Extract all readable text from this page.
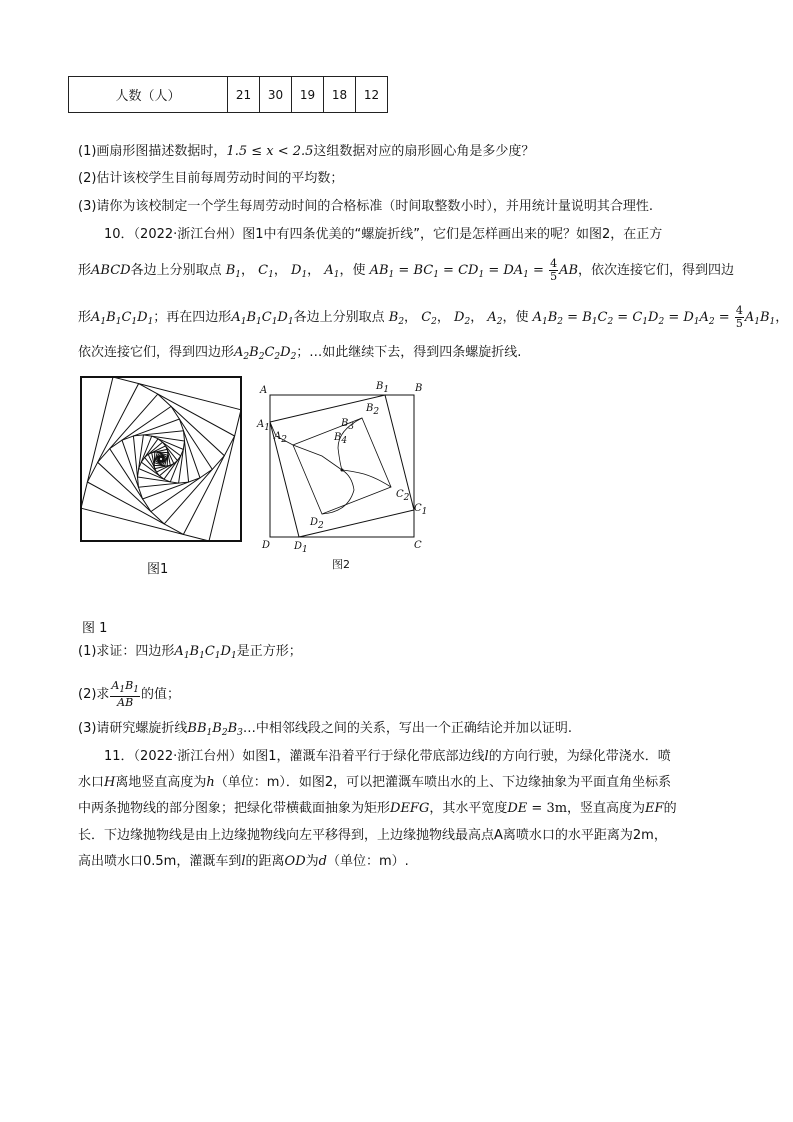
人数（人）	21	30	19	18	12
(1)画扇形图描述数据时，1.5 ≤ x < 2.5这组数据对应的扇形圆心角是多少度？
(2)估计该校学生目前每周劳动时间的平均数；
(3)请你为该校制定一个学生每周劳动时间的合格标准（时间取整数小时），并用统计量说明其合理性.
10．（2022·浙江台州）图1中有四条优美的“螺旋折线”，它们是怎样画出来的呢？如图2，在正方
形ABCD各边上分别取点 $B_1$， $C_1$， $D_1$， $A_1$，使 $AB_1 = BC_1 = CD_1 = DA_1 = \frac{4}{5}$ AB，依次连接它们，得到四边
形$A_1B_1C_1D_1$；再在四边形$A_1B_1C_1D_1$各边上分别取点 $B_2$， $C_2$， $D_2$， $A_2$，使 $A_1B_2 = B_1C_2 = C_1D_2 = D_1A_2 = \frac{4}{5} A_1B_1$，
依次连接它们，得到四边形$A_2B_2C_2D_2$；…如此继续下去，得到四条螺旋折线.
图1
A	$B_1$	B
$B_2$
$B_3$
$B_4$
$A_1$
$A_2$
$C_2$
$C_1$
$D_2$
D $D_1$	C
图2
图 1
(1)求证：四边形$A_1B_1C_1D_1$是正方形；
(2)求 $\frac{A_1B_1}{AB}$ 的值；
(3)请研究螺旋折线$BB_1B_2B_3\dots$中相邻线段之间的关系，写出一个正确结论并加以证明.
11．（2022·浙江台州）如图1，灌溉车沿着平行于绿化带底部边线l的方向行驶，为绿化带浇水．喷
水口H离地竖直高度为h（单位：m）．如图2，可以把灌溉车喷出水的上、下边缘抽象为平面直角坐标系
中两条抛物线的部分图象；把绿化带横截面抽象为矩形DEFG，其水平宽度DE = 3m，竖直高度为EF的
长．下边缘抛物线是由上边缘抛物线向左平移得到，上边缘抛物线最高点A离喷水口的水平距离为2m，
高出喷水口0.5m，灌溉车到l的距离OD为d（单位：m）.
